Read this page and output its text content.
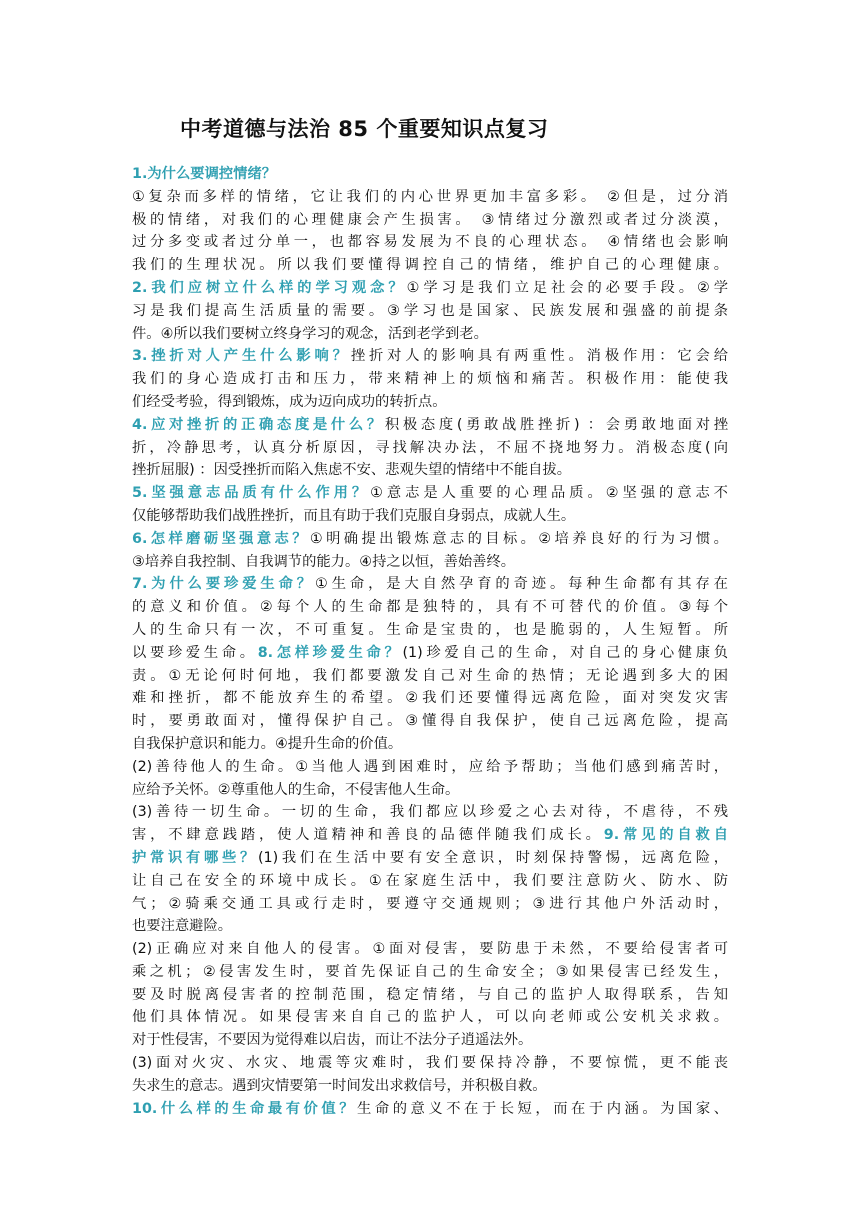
中考道德与法治 85 个重要知识点复习
1.为什么要调控情绪？
①复杂而多样的情绪，它让我们的内心世界更加丰富多彩。 ②但是，过分消
极的情绪，对我们的心理健康会产生损害。 ③情绪过分激烈或者过分淡漠，
过分多变或者过分单一，也都容易发展为不良的心理状态。 ④情绪也会影响
我们的生理状况。所以我们要懂得调控自己的情绪，维护自己的心理健康。
2.我们应树立什么样的学习观念？①学习是我们立足社会的必要手段。②学
习是我们提高生活质量的需要。③学习也是国家、民族发展和强盛的前提条
件。④所以我们要树立终身学习的观念，活到老学到老。
3.挫折对人产生什么影响？挫折对人的影响具有两重性。消极作用：它会给
我们的身心造成打击和压力，带来精神上的烦恼和痛苦。积极作用：能使我
们经受考验，得到锻炼，成为迈向成功的转折点。
4.应对挫折的正确态度是什么？积极态度(勇敢战胜挫折) ：会勇敢地面对挫
折，冷静思考，认真分析原因，寻找解决办法，不屈不挠地努力。消极态度(向
挫折屈服) ：因受挫折而陷入焦虑不安、悲观失望的情绪中不能自拔。
5.坚强意志品质有什么作用？①意志是人重要的心理品质。②坚强的意志不
仅能够帮助我们战胜挫折，而且有助于我们克服自身弱点，成就人生。
6.怎样磨砺坚强意志？①明确提出锻炼意志的目标。②培养良好的行为习惯。
③培养自我控制、自我调节的能力。④持之以恒，善始善终。
7.为什么要珍爱生命？①生命，是大自然孕育的奇迹。每种生命都有其存在
的意义和价值。②每个人的生命都是独特的，具有不可替代的价值。③每个
人的生命只有一次，不可重复。生命是宝贵的，也是脆弱的，人生短暂。所
以要珍爱生命。8.怎样珍爱生命？(1)珍爱自己的生命，对自己的身心健康负
责。①无论何时何地，我们都要激发自己对生命的热情；无论遇到多大的困
难和挫折，都不能放弃生的希望。②我们还要懂得远离危险，面对突发灾害
时，要勇敢面对，懂得保护自己。③懂得自我保护，使自己远离危险，提高
自我保护意识和能力。④提升生命的价值。
(2)善待他人的生命。①当他人遇到困难时，应给予帮助；当他们感到痛苦时，
应给予关怀。②尊重他人的生命，不侵害他人生命。
(3)善待一切生命。一切的生命，我们都应以珍爱之心去对待，不虐待，不残
害，不肆意践踏，使人道精神和善良的品德伴随我们成长。9.常见的自救自
护常识有哪些？(1)我们在生活中要有安全意识，时刻保持警惕，远离危险，
让自己在安全的环境中成长。①在家庭生活中，我们要注意防火、防水、防
气；②骑乘交通工具或行走时，要遵守交通规则；③进行其他户外活动时，
也要注意避险。
(2)正确应对来自他人的侵害。①面对侵害，要防患于未然，不要给侵害者可
乘之机；②侵害发生时，要首先保证自己的生命安全；③如果侵害已经发生，
要及时脱离侵害者的控制范围，稳定情绪，与自己的监护人取得联系，告知
他们具体情况。如果侵害来自自己的监护人，可以向老师或公安机关求救。
对于性侵害，不要因为觉得难以启齿，而让不法分子逍遥法外。
(3)面对火灾、水灾、地震等灾难时，我们要保持冷静，不要惊慌，更不能丧
失求生的意志。遇到灾情要第一时间发出求救信号，并积极自救。
10.什么样的生命最有价值？生命的意义不在于长短，而在于内涵。为国家、
